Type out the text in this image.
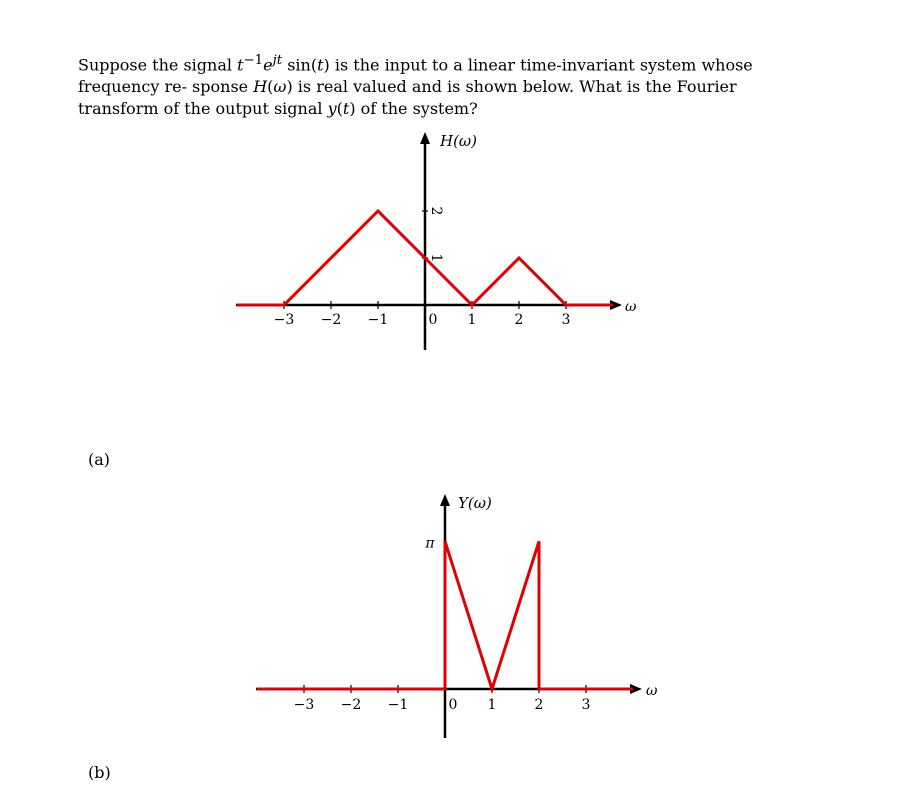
Suppose the signal $t^{-1}e^{jt}$ sin(t) is the input to a linear time-invariant system whose frequency re- sponse H(ω) is real valued and is shown below. What is the Fourier transform of the output signal y(t) of the system?

H(ω)
ω
−3 −2 −1	0 1	2	3
2
1
(a)
Y(ω)
ω
−3 −2 −1	0 1	2	3
π
(b)
